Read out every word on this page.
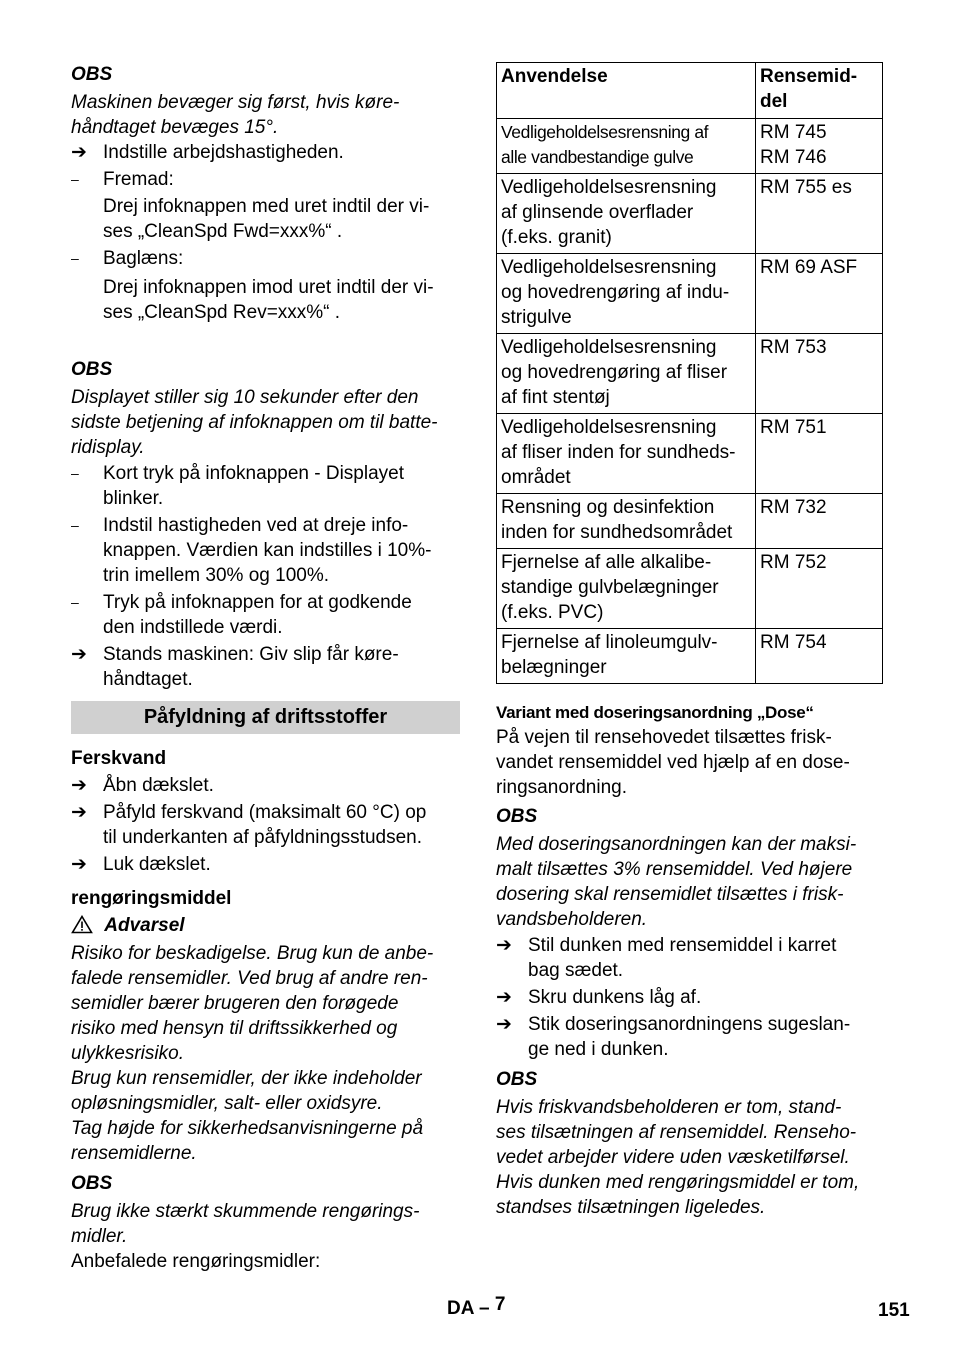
OBS

Maskinen bevæger sig først, hvis køre-
håndtaget bevæges 15°.

➔ Indstille arbejdshastigheden.
–	Fremad:

Drej infoknappen med uret indtil der vi-
ses „CleanSpd Fwd=xxx%“ .

–	Baglæns:

Drej infoknappen imod uret indtil der vi-
ses „CleanSpd Rev=xxx%“ .

OBS

Displayet stiller sig 10 sekunder efter den
sidste betjening af infoknappen om til batte-
ridisplay.

–	Kort tryk på infoknappen - Displayet
blinker.
–	Indstil hastigheden ved at dreje info-
knappen. Værdien kan indstilles i 10%-
trin imellem 30% og 100%.
–	Tryk på infoknappen for at godkende
den indstillede værdi.
➔ Stands maskinen: Giv slip får køre-
håndtaget.
Påfyldning af driftsstoffer

Ferskvand

➔ Åbn dækslet.
➔ Påfyld ferskvand (maksimalt 60 °C) op
til underkanten af påfyldningsstudsen.
➔ Luk dækslet.

rengøringsmiddel

Advarsel

Risiko for beskadigelse. Brug kun de anbe-
falede rensemidler. Ved brug af andre ren-
semidler bærer brugeren den forøgede
risiko med hensyn til driftssikkerhed og
ulykkesrisiko.

Brug kun rensemidler, der ikke indeholder
opløsningsmidler, salt- eller oxidsyre.

Tag højde for sikkerhedsanvisningerne på
rensemidlerne.

OBS

Brug ikke stærkt skummende rengørings-
midler.

Anbefalede rengøringsmidler:

Anvendelse	Rensemid-
del
Vedligeholdelsesrensning af
alle vandbestandige gulve	RM 745
RM 746
Vedligeholdelsesrensning
af glinsende overflader
(f.eks. granit)	RM 755 es
Vedligeholdelsesrensning
og hovedrengøring af indu-
strigulve	RM 69 ASF
Vedligeholdelsesrensning
og hovedrengøring af fliser
af fint stentøj	RM 753
Vedligeholdelsesrensning
af fliser inden for sundheds-
området	RM 751
Rensning og desinfektion
inden for sundhedsområdet	RM 732
Fjernelse af alle alkalibe-
standige gulvbelægninger
(f.eks. PVC)	RM 752
Fjernelse af linoleumgulv-
belægninger	RM 754

Variant med doseringsanordning „Dose“

På vejen til rensehovedet tilsættes frisk-
vandet rensemiddel ved hjælp af en dose-
ringsanordning.

OBS

Med doseringsanordningen kan der maksi-
malt tilsættes 3% rensemiddel. Ved højere
dosering skal rensemidlet tilsættes i frisk-
vandsbeholderen.

➔ Stil dunken med rensemiddel i karret
bag sædet.
➔ Skru dunkens låg af.
➔ Stik doseringsanordningens sugeslan-
ge ned i dunken.

OBS

Hvis friskvandsbeholderen er tom, stand-
ses tilsætningen af rensemiddel. Renseho-
vedet arbejder videre uden væsketilførsel.
Hvis dunken med rengøringsmiddel er tom,
standses tilsætningen ligeledes.

DA – 7	151
